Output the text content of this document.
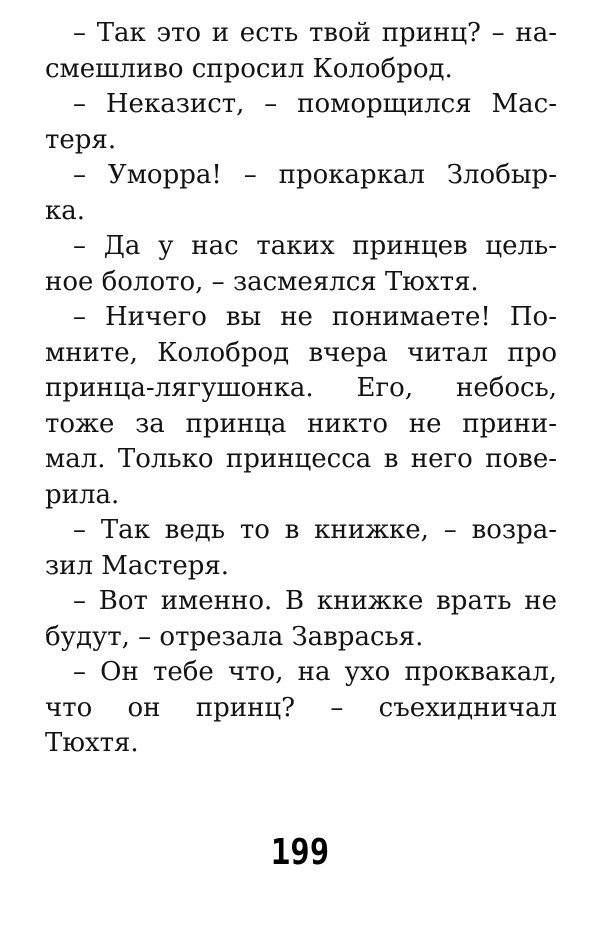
– Так это и есть твой принц? – на-
смешливо спросил Колоброд.
– Неказист, – поморщился Мас-
теря.
– Уморра! – прокаркал Злобыр-
ка.
– Да у нас таких принцев цель-
ное болото, – засмеялся Тюхтя.
– Ничего вы не понимаете! По-
мните, Колоброд вчера читал про
принца-лягушонка. Его, небось,
тоже за принца никто не прини-
мал. Только принцесса в него пове-
рила.
– Так ведь то в книжке, – возра-
зил Мастеря.
– Вот именно. В книжке врать не
будут, – отрезала Заврасья.
– Он тебе что, на ухо проквакал,
что он принц? – съехидничал
Тюхтя.
199
